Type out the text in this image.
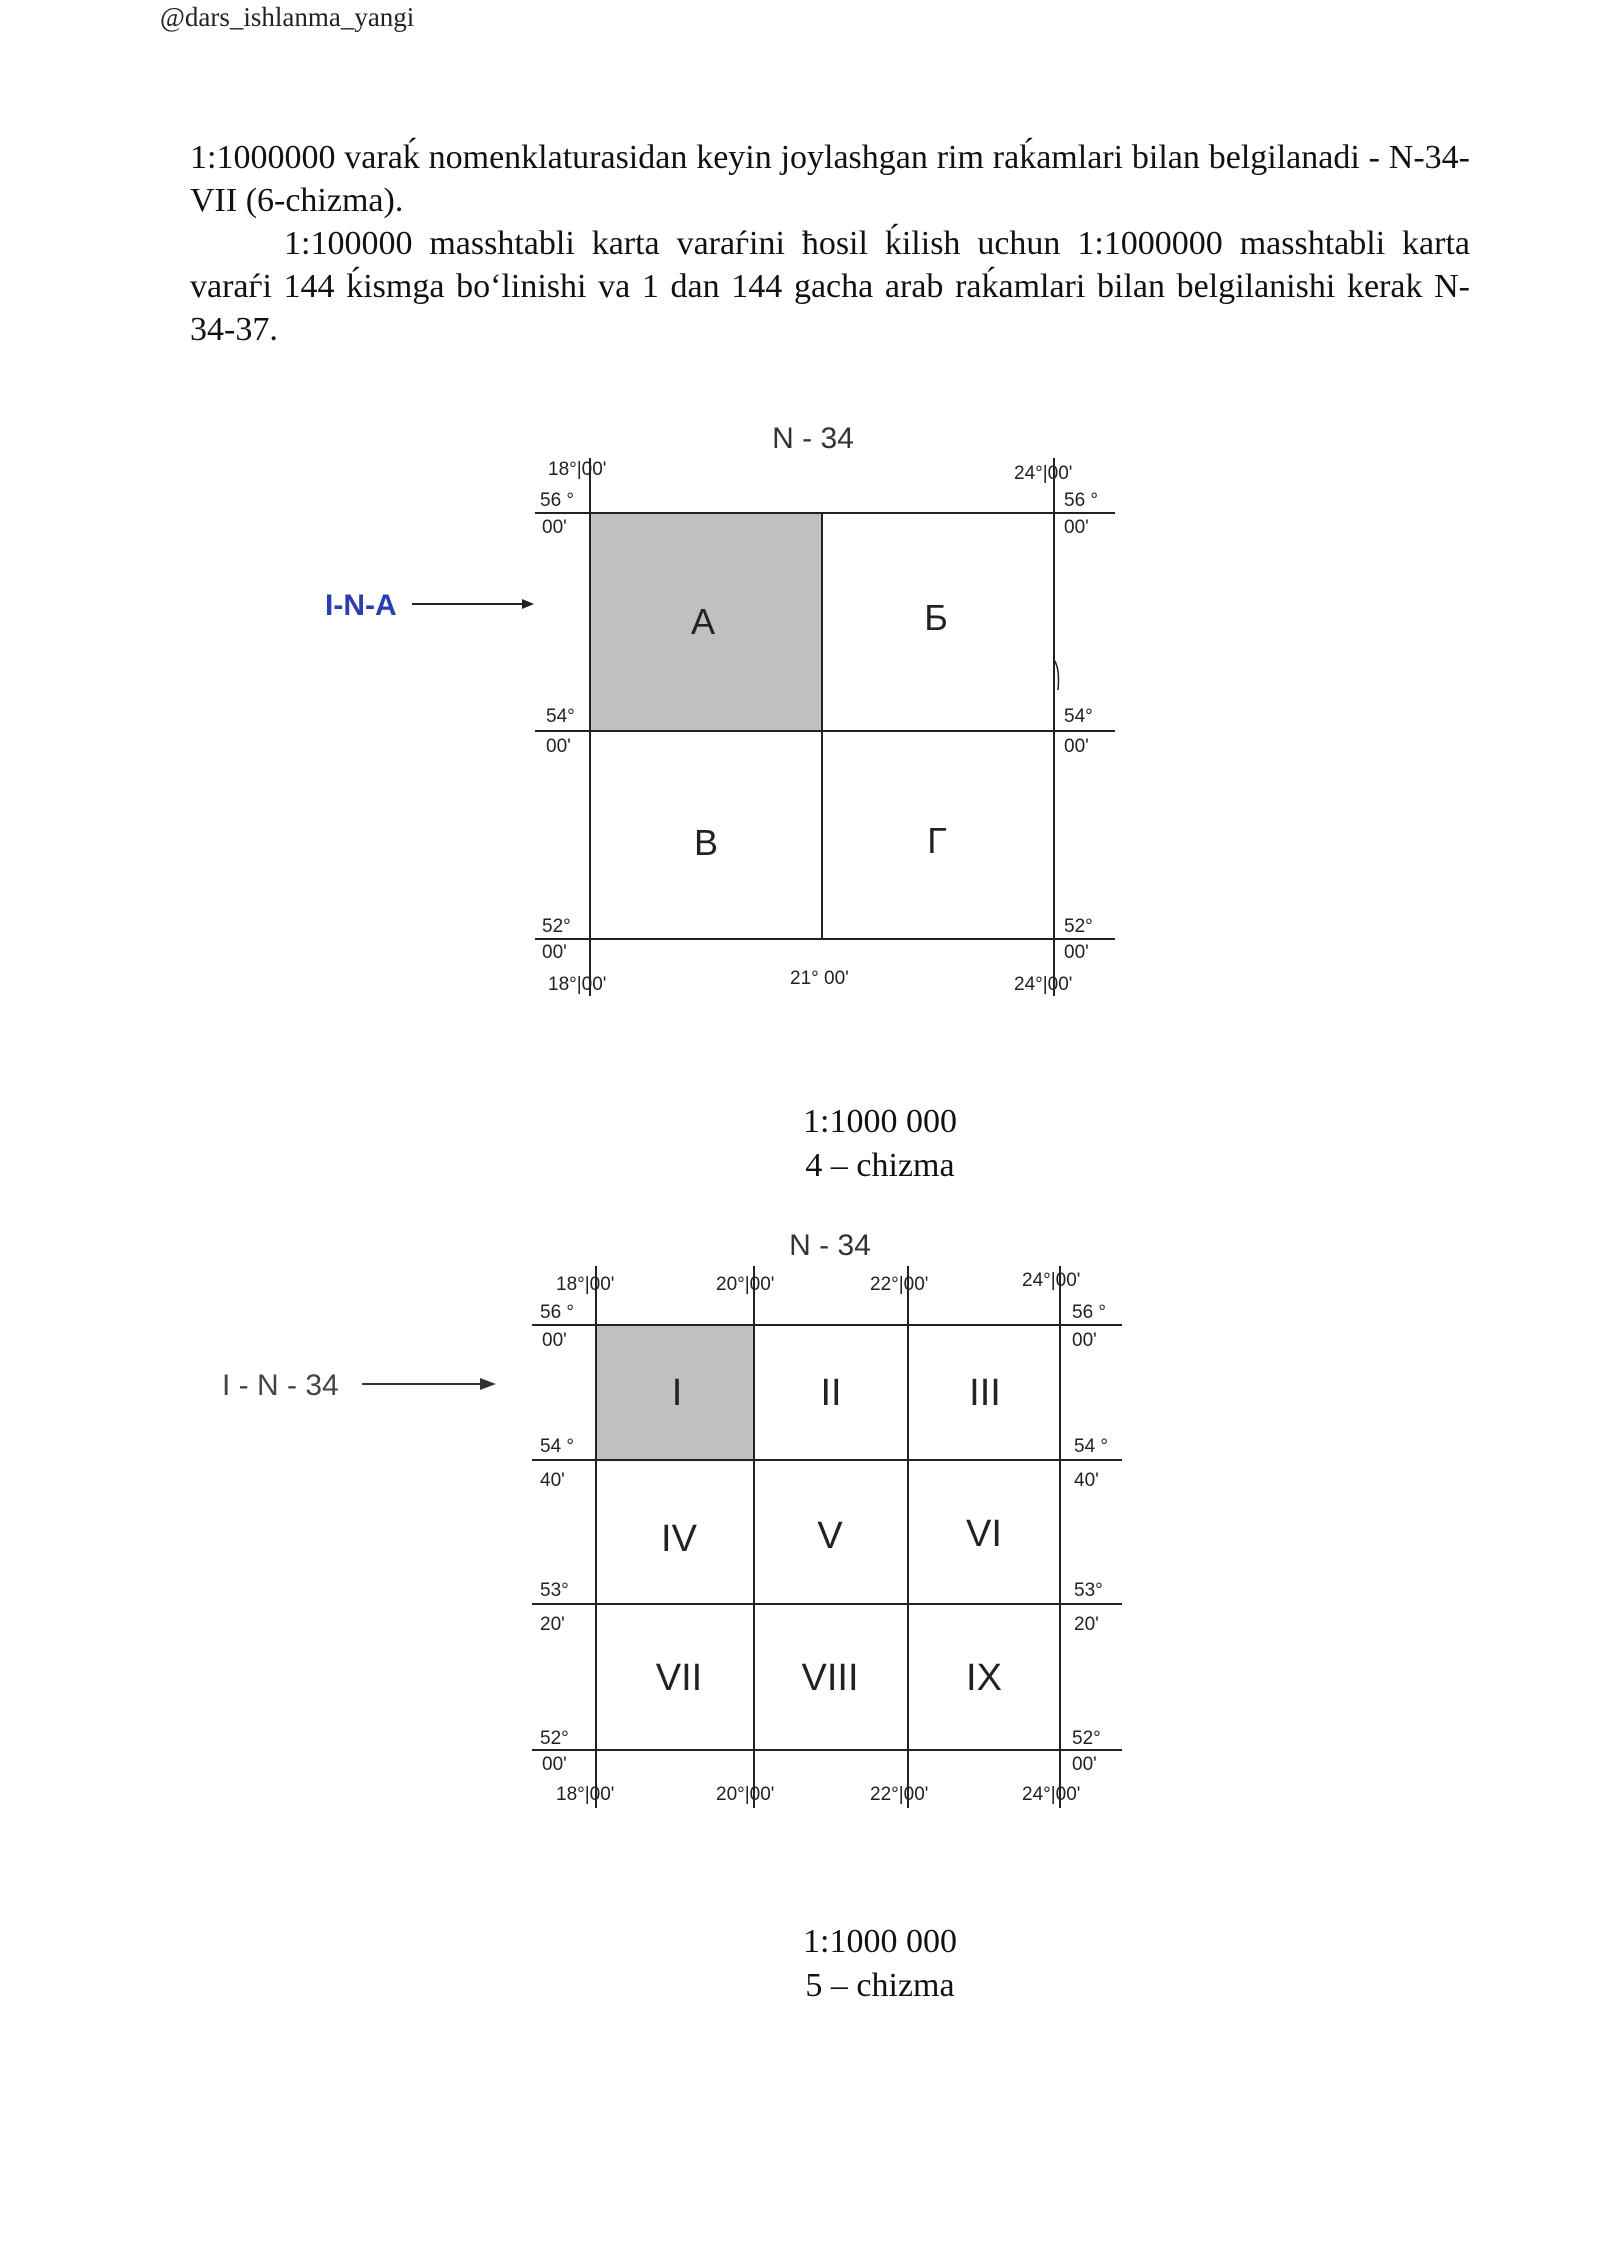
@dars_ishlanma_yangi

1:1000000 varaḱ nomenklaturasidan keyin joylashgan rim raḱamlari bilan belgilanadi - N-34-VII (6-chizma).

1:100000 masshtabli karta varaѓini ħosil ḱilish uchun 1:1000000 masshtabli karta varaѓi 144 ḱismga bo‘linishi va 1 dan 144 gacha arab raḱamlari bilan belgilanishi kerak N-34-37.

N - 34
А	Б
В	Г
18°|00'	24°|00'
56 °
00'
56 °
00'
54°
00'
54°
00'
52°
00'
52°
00'
18°|00'	21° 00'	24°|00'
I-N-A
1:1000 000
4 – chizma
N - 34
I	II	III
IV	V	VI
VII	VIII	IX
18°|00'	20°|00'	22°|00'	24°|00'
18°|00'	20°|00'	22°|00'	24°|00'
56 °
00'
54 °
40'
53°
20'
52°
00'
56 °
00'
54 °
40'
53°
20'
52°
00'
I - N - 34
1:1000 000
5 – chizma
